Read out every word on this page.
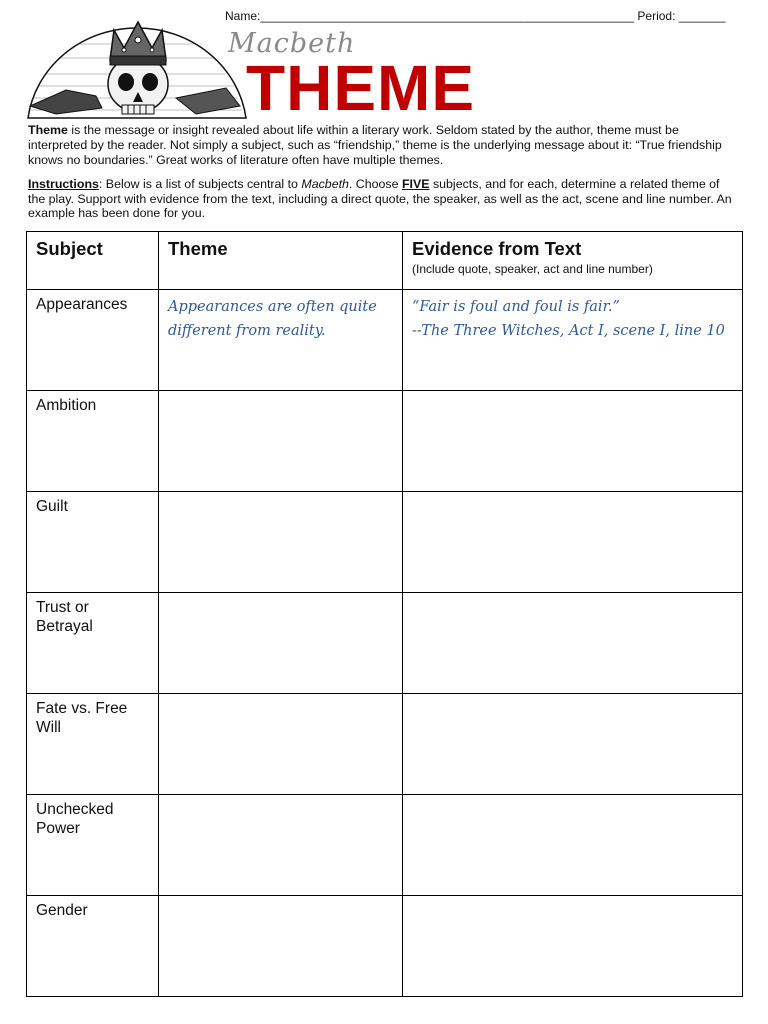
Name:________________________________________________________ Period: _______
Macbeth
THEME
Theme is the message or insight revealed about life within a literary work. Seldom stated by the author, theme must be interpreted by the reader. Not simply a subject, such as “friendship,” theme is the underlying message about it: “True friendship knows no boundaries.” Great works of literature often have multiple themes.
Instructions: Below is a list of subjects central to Macbeth. Choose FIVE subjects, and for each, determine a related theme of the play. Support with evidence from the text, including a direct quote, the speaker, as well as the act, scene and line number. An example has been done for you.
Subject	Theme	Evidence from Text
(Include quote, speaker, act and line number)

Appearances	Appearances are often quite different from reality.	“Fair is foul and foul is fair.”
--The Three Witches, Act I, scene I, line 10

Ambition		
Guilt		
Trust or Betrayal		
Fate vs. Free Will		
Unchecked Power		
Gender		
